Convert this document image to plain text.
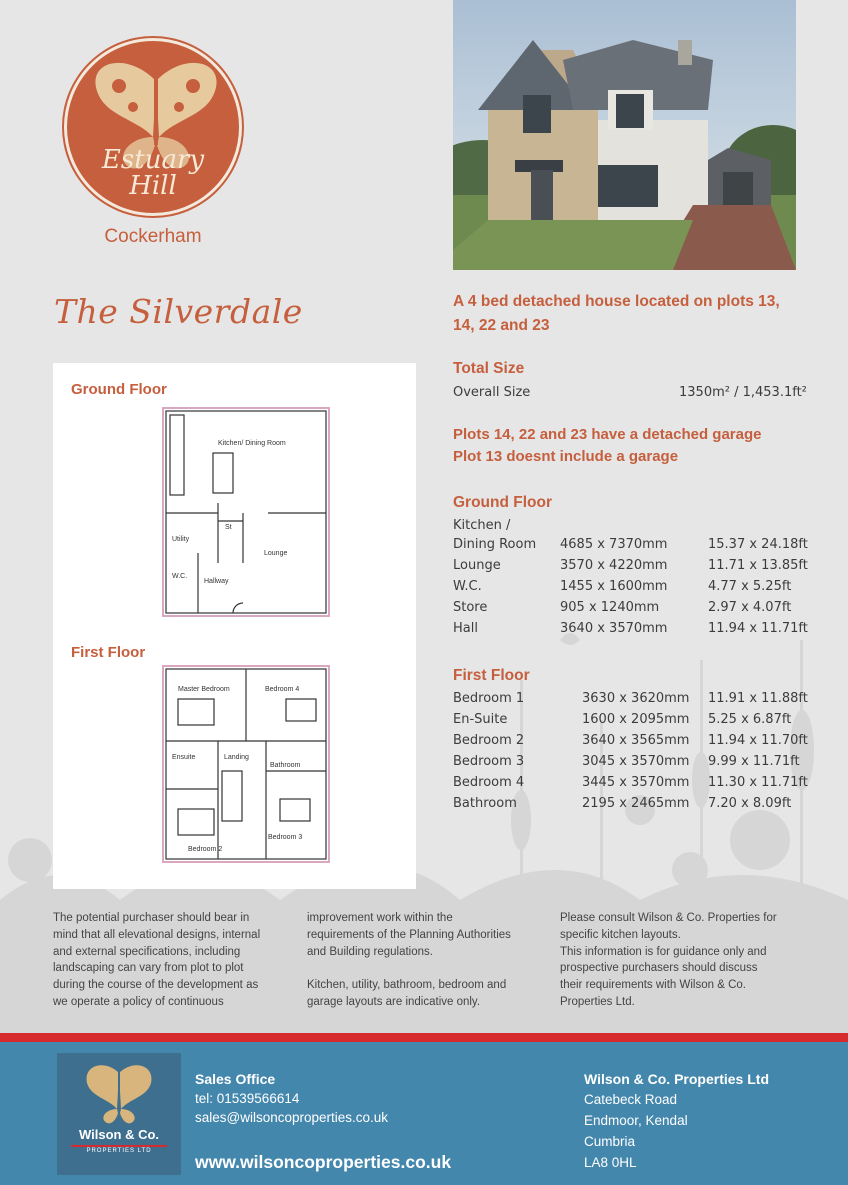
Estuary
Hill
Cockerham
The Silverdale
Ground Floor
First Floor
Kitchen/ Dining Room
St
Utility
Lounge
W.C.
Hallway
Master Bedroom	Bedroom 4
Ensuite	Landing
Bathroom
Bedroom 2
Bedroom 3
A 4 bed detached house located on plots 13, 14, 22 and 23
Total Size
Overall Size	1350m² / 1,453.1ft²
Plots 14, 22 and 23 have a detached garage
Plot 13 doesnt include a garage
Ground Floor
Kitchen /
Dining Room 4685 x 7370mm	15.37 x 24.18ft
Lounge	3570 x 4220mm	11.71 x 13.85ft
W.C.	1455 x 1600mm	4.77 x 5.25ft
Store	905 x 1240mm	2.97 x 4.07ft
Hall	3640 x 3570mm	11.94 x 11.71ft
First Floor
Bedroom 1	3630 x 3620mm 11.91 x 11.88ft
En-Suite	1600 x 2095mm 5.25 x 6.87ft
Bedroom 2	3640 x 3565mm 11.94 x 11.70ft
Bedroom 3	3045 x 3570mm 9.99 x 11.71ft
Bedroom 4	3445 x 3570mm 11.30 x 11.71ft
Bathroom	2195 x 2465mm 7.20 x 8.09ft
The potential purchaser should bear in
mind that all elevational designs, internal
and external specifications, including
landscaping can vary from plot to plot
during the course of the development as
we operate a policy of continuous
improvement work within the
requirements of the Planning Authorities
and Building regulations.
Kitchen, utility, bathroom, bedroom and
garage layouts are indicative only.
Please consult Wilson & Co. Properties for
specific kitchen layouts.
This information is for guidance only and
prospective purchasers should discuss
their requirements with Wilson & Co.
Properties Ltd.
Wilson & Co.
PROPERTIES LTD
Sales Office
tel: 01539566614
sales@wilsoncoproperties.co.uk
www.wilsoncoproperties.co.uk
Wilson & Co. Properties Ltd
Catebeck Road
Endmoor, Kendal
Cumbria
LA8 0HL
